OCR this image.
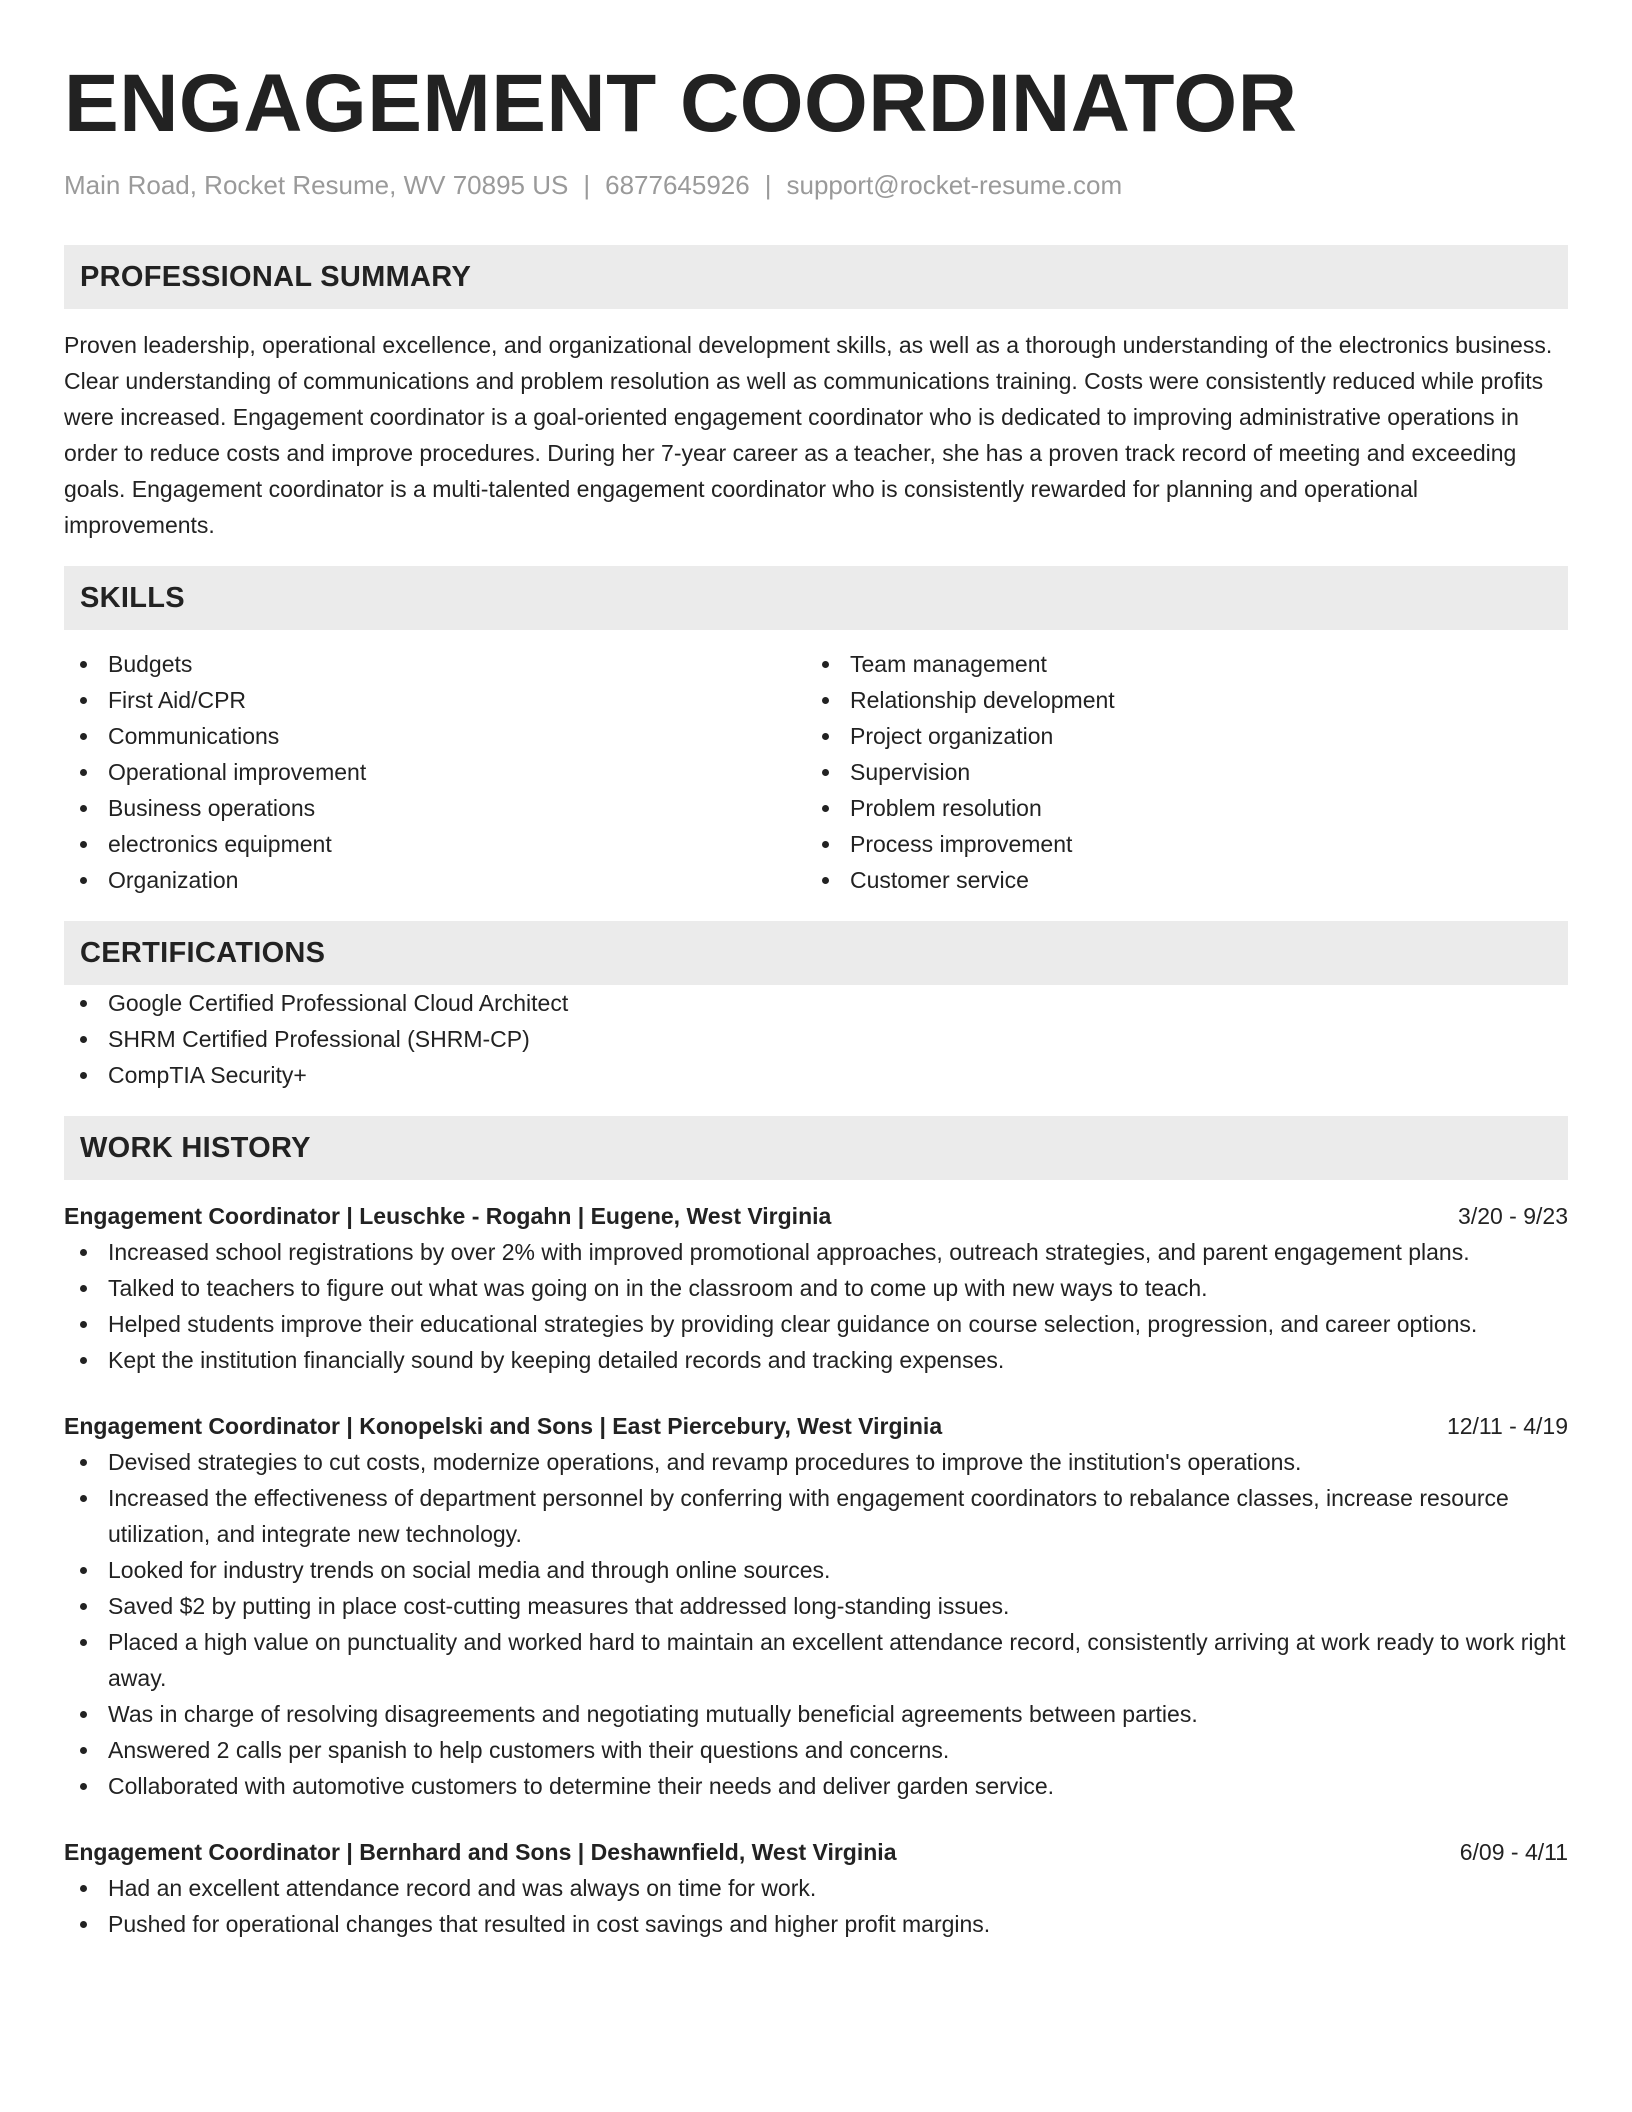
ENGAGEMENT COORDINATOR
Main Road, Rocket Resume, WV 70895 US | 6877645926 | support@rocket-resume.com
PROFESSIONAL SUMMARY
Proven leadership, operational excellence, and organizational development skills, as well as a thorough understanding of the electronics business. Clear understanding of communications and problem resolution as well as communications training. Costs were consistently reduced while profits were increased. Engagement coordinator is a goal-oriented engagement coordinator who is dedicated to improving administrative operations in order to reduce costs and improve procedures. During her 7-year career as a teacher, she has a proven track record of meeting and exceeding goals. Engagement coordinator is a multi-talented engagement coordinator who is consistently rewarded for planning and operational improvements.
SKILLS
Budgets
First Aid/CPR
Communications
Operational improvement
Business operations
electronics equipment
Organization
Team management
Relationship development
Project organization
Supervision
Problem resolution
Process improvement
Customer service
CERTIFICATIONS
Google Certified Professional Cloud Architect
SHRM Certified Professional (SHRM-CP)
CompTIA Security+
WORK HISTORY
Engagement Coordinator | Leuschke - Rogahn | Eugene, West Virginia	3/20 - 9/23
Increased school registrations by over 2% with improved promotional approaches, outreach strategies, and parent engagement plans.
Talked to teachers to figure out what was going on in the classroom and to come up with new ways to teach.
Helped students improve their educational strategies by providing clear guidance on course selection, progression, and career options.
Kept the institution financially sound by keeping detailed records and tracking expenses.
Engagement Coordinator | Konopelski and Sons | East Piercebury, West Virginia	12/11 - 4/19
Devised strategies to cut costs, modernize operations, and revamp procedures to improve the institution's operations.
Increased the effectiveness of department personnel by conferring with engagement coordinators to rebalance classes, increase resource utilization, and integrate new technology.
Looked for industry trends on social media and through online sources.
Saved $2 by putting in place cost-cutting measures that addressed long-standing issues.
Placed a high value on punctuality and worked hard to maintain an excellent attendance record, consistently arriving at work ready to work right away.
Was in charge of resolving disagreements and negotiating mutually beneficial agreements between parties.
Answered 2 calls per spanish to help customers with their questions and concerns.
Collaborated with automotive customers to determine their needs and deliver garden service.
Engagement Coordinator | Bernhard and Sons | Deshawnfield, West Virginia	6/09 - 4/11
Had an excellent attendance record and was always on time for work.
Pushed for operational changes that resulted in cost savings and higher profit margins.
